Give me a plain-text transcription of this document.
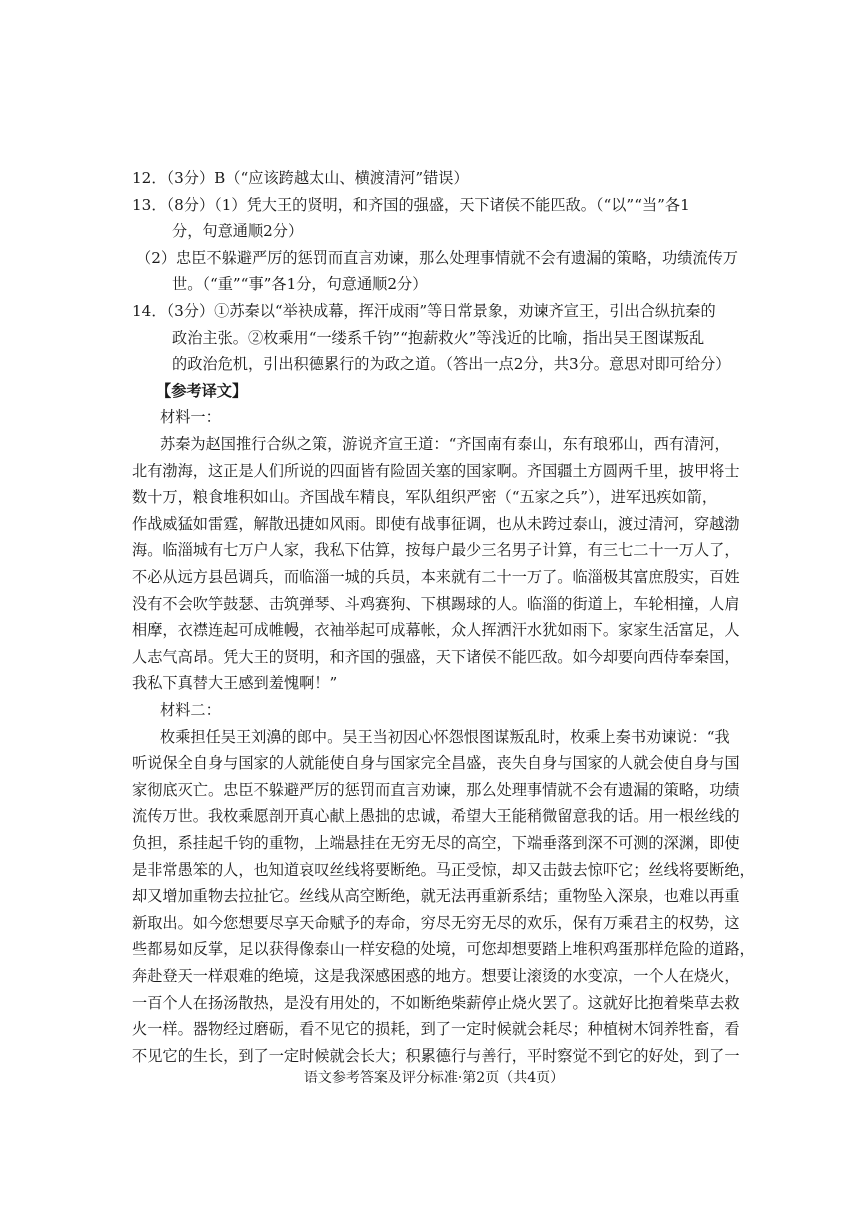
12．（3分）B（“应该跨越太山、横渡清河”错误）
13．（8分）（1）凭大王的贤明，和齐国的强盛，天下诸侯不能匹敌。（“以”“当”各1
分，句意通顺2分）
（2）忠臣不躲避严厉的惩罚而直言劝谏，那么处理事情就不会有遗漏的策略，功绩流传万
世。（“重”“事”各1分，句意通顺2分）
14．（3分）①苏秦以“举袂成幕，挥汗成雨”等日常景象，劝谏齐宣王，引出合纵抗秦的
政治主张。②枚乘用“一缕系千钧”“抱薪救火”等浅近的比喻，指出吴王图谋叛乱
的政治危机，引出积德累行的为政之道。（答出一点2分，共3分。意思对即可给分）
【参考译文】
材料一：
苏秦为赵国推行合纵之策，游说齐宣王道：“齐国南有泰山，东有琅邪山，西有清河，
北有渤海，这正是人们所说的四面皆有险固关塞的国家啊。齐国疆土方圆两千里，披甲将士
数十万，粮食堆积如山。齐国战车精良，军队组织严密（“五家之兵”），进军迅疾如箭，
作战威猛如雷霆，解散迅捷如风雨。即使有战事征调，也从未跨过泰山，渡过清河，穿越渤
海。临淄城有七万户人家，我私下估算，按每户最少三名男子计算，有三七二十一万人了，
不必从远方县邑调兵，而临淄一城的兵员，本来就有二十一万了。临淄极其富庶殷实，百姓
没有不会吹竽鼓瑟、击筑弹琴、斗鸡赛狗、下棋踢球的人。临淄的街道上，车轮相撞，人肩
相摩，衣襟连起可成帷幔，衣袖举起可成幕帐，众人挥洒汗水犹如雨下。家家生活富足，人
人志气高昂。凭大王的贤明，和齐国的强盛，天下诸侯不能匹敌。如今却要向西侍奉秦国，
我私下真替大王感到羞愧啊！”
材料二：
枚乘担任吴王刘濞的郎中。吴王当初因心怀怨恨图谋叛乱时，枚乘上奏书劝谏说：“我
听说保全自身与国家的人就能使自身与国家完全昌盛，丧失自身与国家的人就会使自身与国
家彻底灭亡。忠臣不躲避严厉的惩罚而直言劝谏，那么处理事情就不会有遗漏的策略，功绩
流传万世。我枚乘愿剖开真心献上愚拙的忠诚，希望大王能稍微留意我的话。用一根丝线的
负担，系挂起千钧的重物，上端悬挂在无穷无尽的高空，下端垂落到深不可测的深渊，即使
是非常愚笨的人，也知道哀叹丝线将要断绝。马正受惊，却又击鼓去惊吓它；丝线将要断绝，
却又增加重物去拉扯它。丝线从高空断绝，就无法再重新系结；重物坠入深泉，也难以再重
新取出。如今您想要尽享天命赋予的寿命，穷尽无穷无尽的欢乐，保有万乘君主的权势，这
些都易如反掌，足以获得像泰山一样安稳的处境，可您却想要踏上堆积鸡蛋那样危险的道路，
奔赴登天一样艰难的绝境，这是我深感困惑的地方。想要让滚烫的水变凉，一个人在烧火，
一百个人在扬汤散热，是没有用处的，不如断绝柴薪停止烧火罢了。这就好比抱着柴草去救
火一样。器物经过磨砺，看不见它的损耗，到了一定时候就会耗尽；种植树木饲养牲畜，看
不见它的生长，到了一定时候就会长大；积累德行与善行，平时察觉不到它的好处，到了一
语文参考答案及评分标准·第2页（共4页）
